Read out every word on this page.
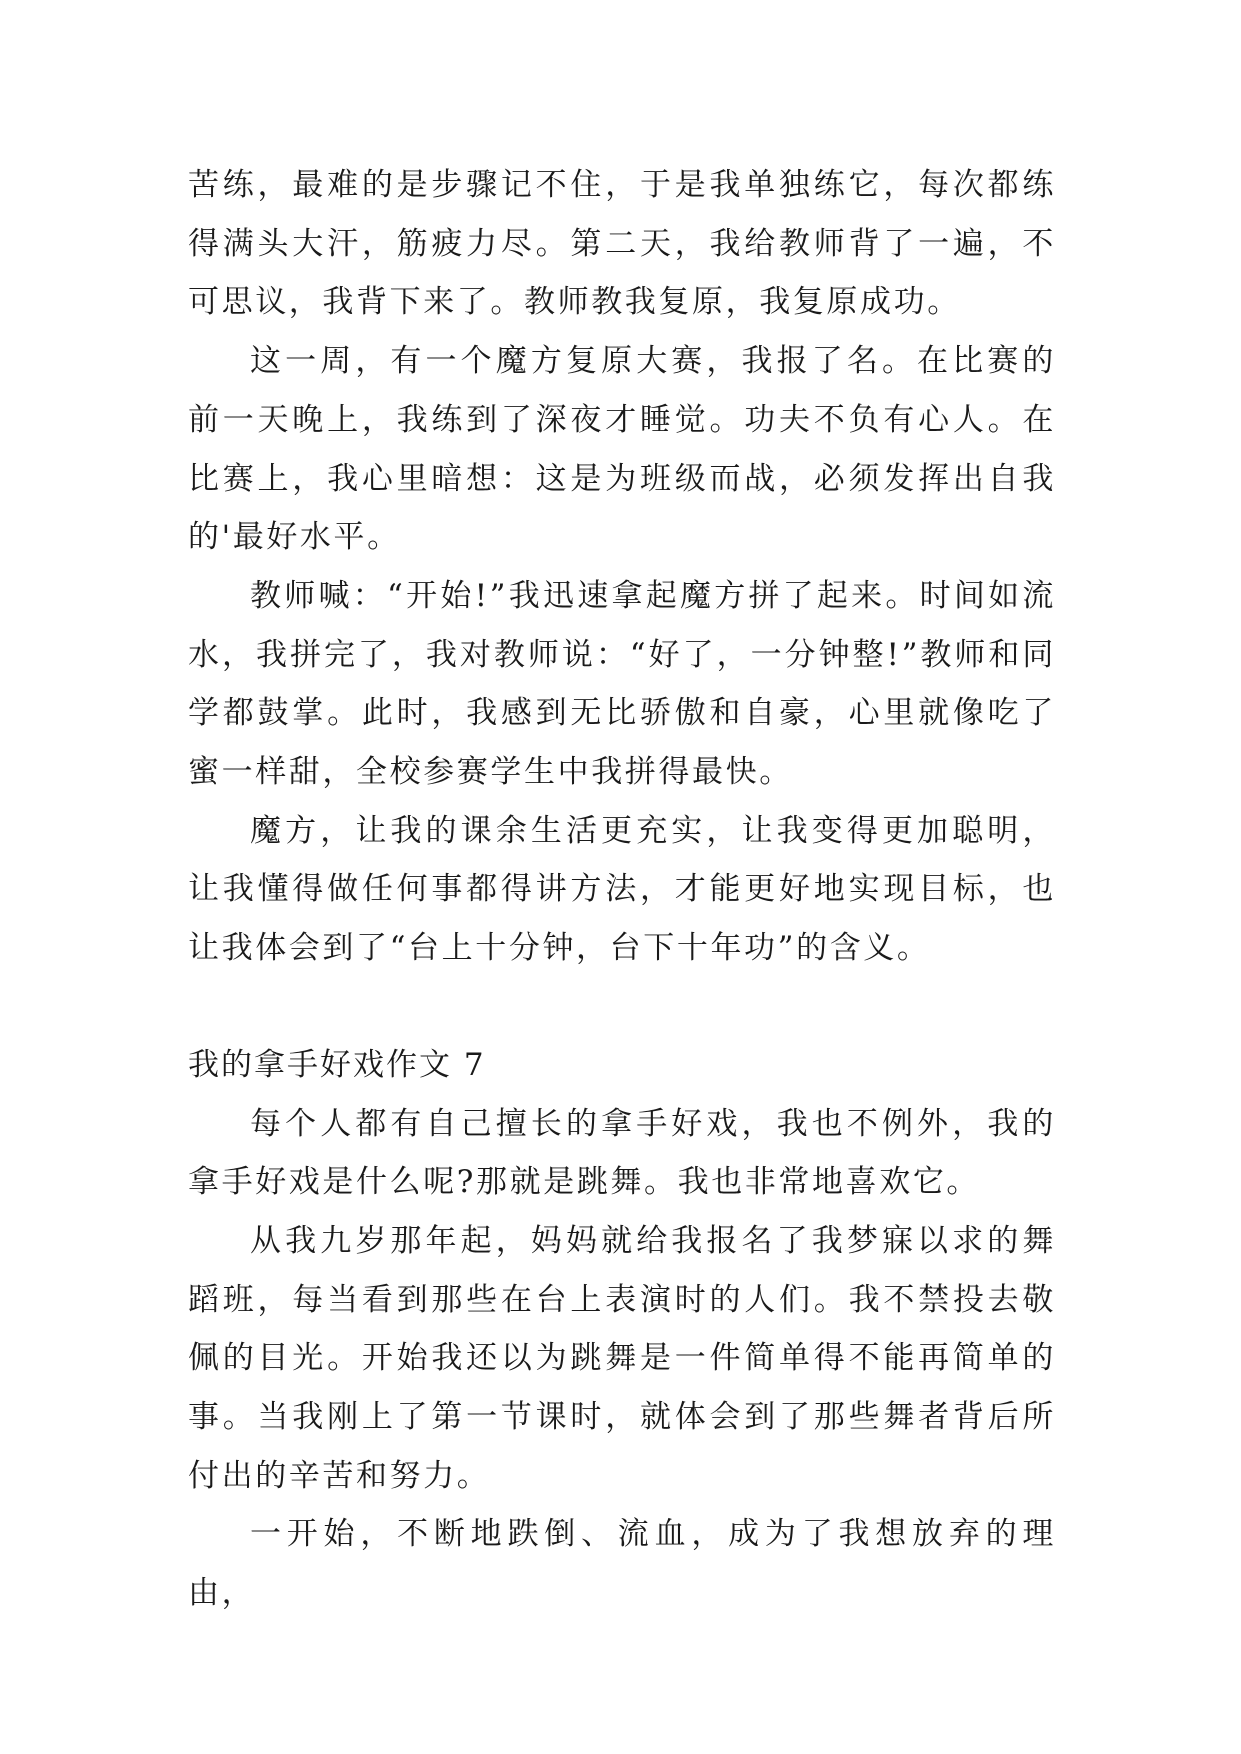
苦练，最难的是步骤记不住，于是我单独练它，每次都练得满头大汗，筋疲力尽。第二天，我给教师背了一遍，不可思议，我背下来了。教师教我复原，我复原成功。

这一周，有一个魔方复原大赛，我报了名。在比赛的前一天晚上，我练到了深夜才睡觉。功夫不负有心人。在比赛上，我心里暗想：这是为班级而战，必须发挥出自我的'最好水平。

教师喊：“开始!”我迅速拿起魔方拼了起来。时间如流水，我拼完了，我对教师说：“好了，一分钟整!”教师和同学都鼓掌。此时，我感到无比骄傲和自豪，心里就像吃了蜜一样甜，全校参赛学生中我拼得最快。

魔方，让我的课余生活更充实，让我变得更加聪明，让我懂得做任何事都得讲方法，才能更好地实现目标，也让我体会到了“台上十分钟，台下十年功”的含义。

我的拿手好戏作文 7

每个人都有自己擅长的拿手好戏，我也不例外，我的拿手好戏是什么呢?那就是跳舞。我也非常地喜欢它。

从我九岁那年起，妈妈就给我报名了我梦寐以求的舞蹈班，每当看到那些在台上表演时的人们。我不禁投去敬佩的目光。开始我还以为跳舞是一件简单得不能再简单的事。当我刚上了第一节课时，就体会到了那些舞者背后所付出的辛苦和努力。

一开始，不断地跌倒、流血，成为了我想放弃的理由，
